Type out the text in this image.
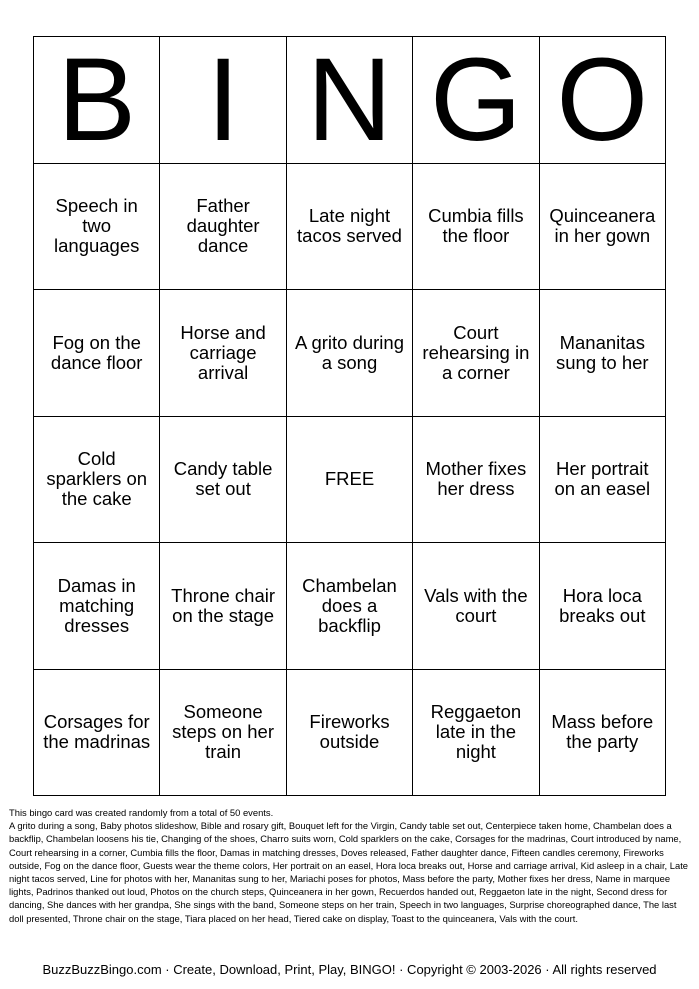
B I N G O
Speech in two languages
Father daughter dance
Late night tacos served
Cumbia fills the floor
Quinceanera in her gown
Fog on the dance floor
Horse and carriage arrival
A grito during a song
Court rehearsing in a corner
Mananitas sung to her
Cold sparklers on the cake
Candy table set out	FREE	Mother fixes her dress
Her portrait on an easel
Damas in matching dresses
Throne chair on the stage
Chambelan does a backflip
Vals with the court
Hora loca breaks out
Corsages for the madrinas
Someone steps on her train
Fireworks outside
Reggaeton late in the night
Mass before the party

This bingo card was created randomly from a total of 50 events.

A grito during a song, Baby photos slideshow, Bible and rosary gift, Bouquet left for the Virgin, Candy table set out, Centerpiece taken home, Chambelan does a backflip, Chambelan loosens his tie, Changing of the shoes, Charro suits worn, Cold sparklers on the cake, Corsages for the madrinas, Court introduced by name, Court rehearsing in a corner, Cumbia fills the floor, Damas in matching dresses, Doves released, Father daughter dance, Fifteen candles ceremony, Fireworks outside, Fog on the dance floor, Guests wear the theme colors, Her portrait on an easel, Hora loca breaks out, Horse and carriage arrival, Kid asleep in a chair, Late night tacos served, Line for photos with her, Mananitas sung to her, Mariachi poses for photos, Mass before the party, Mother fixes her dress, Name in marquee lights, Padrinos thanked out loud, Photos on the church steps, Quinceanera in her gown, Recuerdos handed out, Reggaeton late in the night, Second dress for dancing, She dances with her grandpa, She sings with the band, Someone steps on her train, Speech in two languages, Surprise choreographed dance, The last doll presented, Throne chair on the stage, Tiara placed on her head, Tiered cake on display, Toast to the quinceanera, Vals with the court.

BuzzBuzzBingo.com · Create, Download, Print, Play, BINGO! · Copyright © 2003-2026 · All rights reserved
